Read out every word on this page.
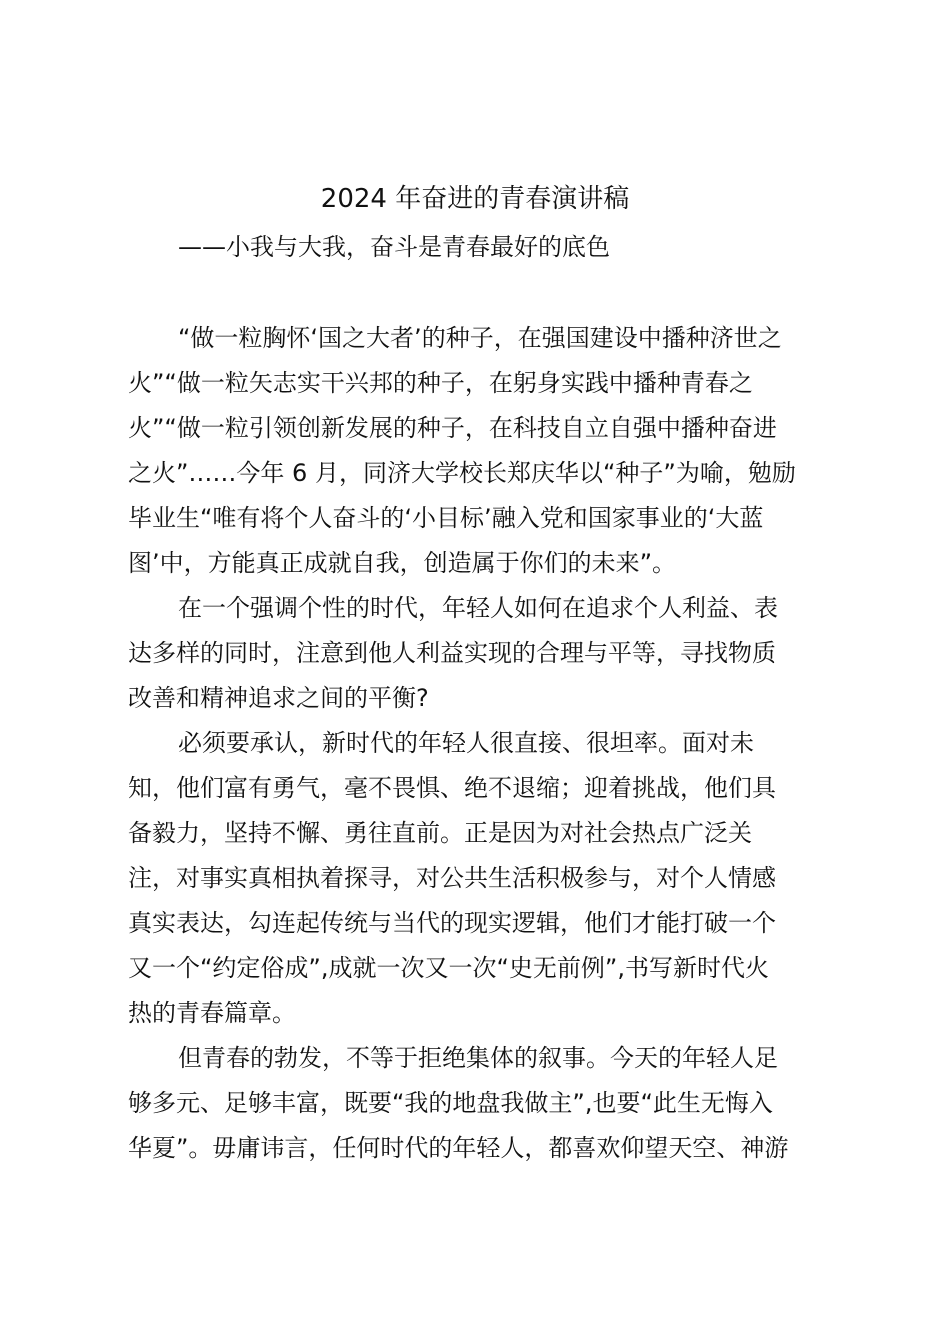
2024 年奋进的青春演讲稿
——小我与大我，奋斗是青春最好的底色
“做一粒胸怀‘国之大者’的种子，在强国建设中播种济世之
火”“做一粒矢志实干兴邦的种子，在躬身实践中播种青春之
火”“做一粒引领创新发展的种子，在科技自立自强中播种奋进
之火”……今年 6 月，同济大学校长郑庆华以“种子”为喻，勉励
毕业生“唯有将个人奋斗的‘小目标’融入党和国家事业的‘大蓝
图’中，方能真正成就自我，创造属于你们的未来”。
在一个强调个性的时代，年轻人如何在追求个人利益、表
达多样的同时，注意到他人利益实现的合理与平等，寻找物质
改善和精神追求之间的平衡?
必须要承认，新时代的年轻人很直接、很坦率。面对未
知，他们富有勇气，毫不畏惧、绝不退缩；迎着挑战，他们具
备毅力，坚持不懈、勇往直前。正是因为对社会热点广泛关
注，对事实真相执着探寻，对公共生活积极参与，对个人情感
真实表达，勾连起传统与当代的现实逻辑，他们才能打破一个
又一个“约定俗成”,成就一次又一次“史无前例”,书写新时代火
热的青春篇章。
但青春的勃发，不等于拒绝集体的叙事。今天的年轻人足
够多元、足够丰富，既要“我的地盘我做主”,也要“此生无悔入
华夏”。毋庸讳言，任何时代的年轻人，都喜欢仰望天空、神游
